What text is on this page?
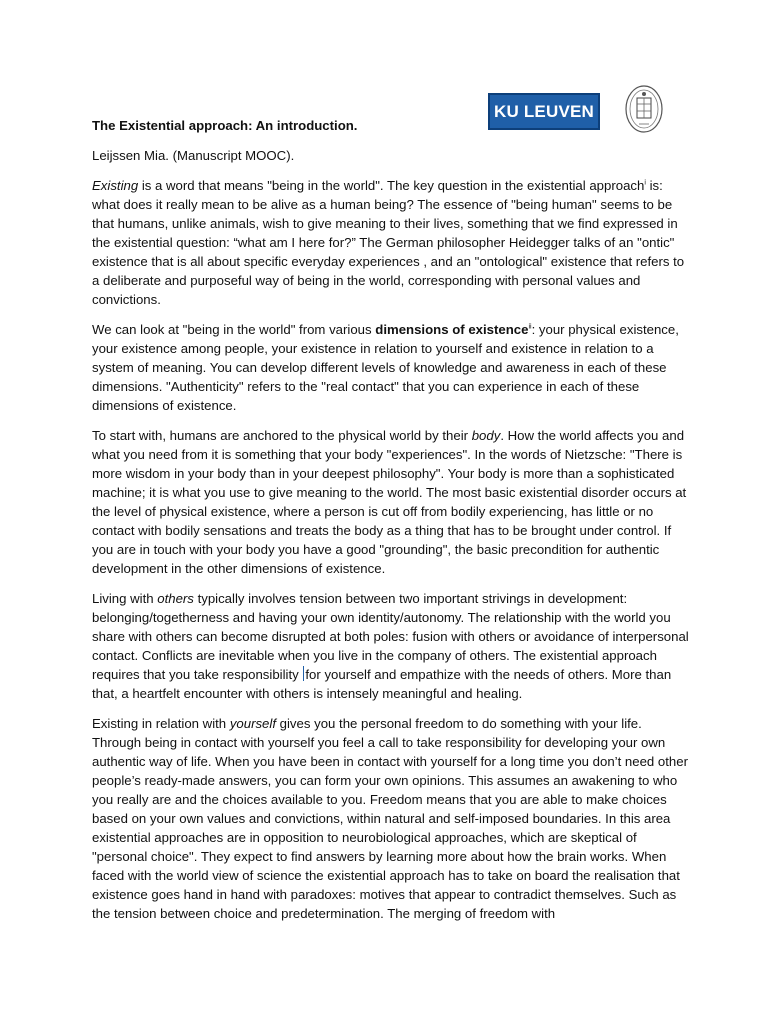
KU LEUVEN

The Existential approach: An introduction.

Leijssen Mia. (Manuscript MOOC).

Existing is a word that means "being in the world". The key question in the existential approach$^i$ is: what does it really mean to be alive as a human being? The essence of "being human" seems to be that humans, unlike animals, wish to give meaning to their lives, something that we find expressed in the existential question: “what am I here for?” The German philosopher Heidegger talks of an "ontic" existence that is all about specific everyday experiences , and an "ontological" existence that refers to a deliberate and purposeful way of being in the world, corresponding with personal values and convictions.

We can look at "being in the world" from various dimensions of existence$^{ii}$: your physical existence, your existence among people, your existence in relation to yourself and existence in relation to a system of meaning. You can develop different levels of knowledge and awareness in each of these dimensions. "Authenticity" refers to the "real contact" that you can experience in each of these dimensions of existence.

To start with, humans are anchored to the physical world by their body. How the world affects you and what you need from it is something that your body "experiences". In the words of Nietzsche: "There is more wisdom in your body than in your deepest philosophy". Your body is more than a sophisticated machine; it is what you use to give meaning to the world. The most basic existential disorder occurs at the level of physical existence, where a person is cut off from bodily experiencing, has little or no contact with bodily sensations and treats the body as a thing that has to be brought under control. If you are in touch with your body you have a good "grounding", the basic precondition for authentic development in the other dimensions of existence.

Living with others typically involves tension between two important strivings in development: belonging/togetherness and having your own identity/autonomy. The relationship with the world you share with others can become disrupted at both poles: fusion with others or avoidance of interpersonal contact. Conflicts are inevitable when you live in the company of others. The existential approach requires that you take responsibility for yourself and empathize with the needs of others. More than that, a heartfelt encounter with others is intensely meaningful and healing.

Existing in relation with yourself gives you the personal freedom to do something with your life. Through being in contact with yourself you feel a call to take responsibility for developing your own authentic way of life. When you have been in contact with yourself for a long time you don’t need other people’s ready-made answers, you can form your own opinions. This assumes an awakening to who you really are and the choices available to you. Freedom means that you are able to make choices based on your own values and convictions, within natural and self-imposed boundaries. In this area existential approaches are in opposition to neurobiological approaches, which are skeptical of "personal choice". They expect to find answers by learning more about how the brain works. When faced with the world view of science the existential approach has to take on board the realisation that existence goes hand in hand with paradoxes: motives that appear to contradict themselves. Such as the tension between choice and predetermination. The merging of freedom with
